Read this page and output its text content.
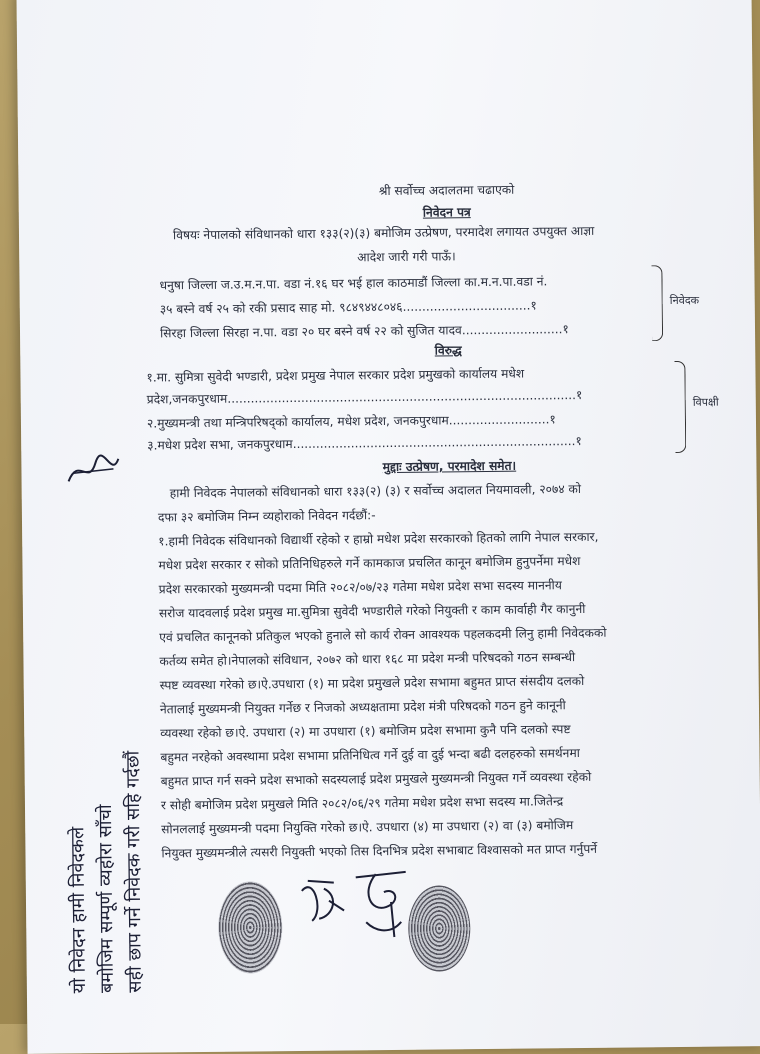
श्री सर्वोच्च अदालतमा चढाएको
निवेदन पत्र
विषयः नेपालको संविधानको धारा १३३(२)(३) बमोजिम उत्प्रेषण, परमादेश लगायत उपयुक्त आज्ञा
आदेश जारी गरी पाऊँ।
धनुषा जिल्ला ज.उ.म.न.पा. वडा नं.१६ घर भई हाल काठमाडौं जिल्ला का.म.न.पा.वडा नं.
३५ बस्ने वर्ष २५ को रकी प्रसाद साह मो. ९८४९४४८०४६.................................१
सिरहा जिल्ला सिरहा न.पा. वडा २० घर बस्ने वर्ष २२ को सुजित यादव..........................१
निवेदक
विरुद्ध
१.मा. सुमित्रा सुवेदी भण्डारी, प्रदेश प्रमुख नेपाल सरकार प्रदेश प्रमुखको कार्यालय मधेश
प्रदेश,जनकपुरधाम..........................................................................................१
२.मुख्यमन्त्री तथा मन्त्रिपरिषद्‌को कार्यालय, मधेश प्रदेश, जनकपुरधाम..........................१
३.मधेश प्रदेश सभा, जनकपुरधाम.........................................................................१
विपक्षी
मुद्दाः उत्प्रेषण, परमादेश समेत।
हामी निवेदक नेपालको संविधानको धारा १३३(२) (३) र सर्वोच्च अदालत नियमावली, २०७४ को
दफा ३२ बमोजिम निम्न व्यहोराको निवेदन गर्दछौं:-
१.हामी निवेदक संविधानको विद्यार्थी रहेको र हाम्रो मधेश प्रदेश सरकारको हितको लागि नेपाल सरकार,
मधेश प्रदेश सरकार र सोको प्रतिनिधिहरुले गर्ने कामकाज प्रचलित कानून बमोजिम हुनुपर्नेमा मधेश
प्रदेश सरकारको मुख्यमन्त्री पदमा मिति २०८२/०७/२३ गतेमा मधेश प्रदेश सभा सदस्य माननीय
सरोज यादवलाई प्रदेश प्रमुख मा.सुमित्रा सुवेदी भण्डारीले गरेको नियुक्ती र काम कार्वाही गैर कानुनी
एवं प्रचलित कानूनको प्रतिकुल भएको हुनाले सो कार्य रोक्न आवश्यक पहलकदमी लिनु हामी निवेदकको
कर्तव्य समेत हो।नेपालको संविधान, २०७२ को धारा १६८ मा प्रदेश मन्त्री परिषदको गठन सम्बन्धी
स्पष्ट व्यवस्था गरेको छ।ऐ.उपधारा (१) मा प्रदेश प्रमुखले प्रदेश सभामा बहुमत प्राप्त संसदीय दलको
नेतालाई मुख्यमन्त्री नियुक्त गर्नेछ र निजको अध्यक्षतामा प्रदेश मंत्री परिषदको गठन हुने कानूनी
व्यवस्था रहेको छ।ऐ. उपधारा (२) मा उपधारा (१) बमोजिम प्रदेश सभामा कुनै पनि दलको स्पष्ट
बहुमत नरहेको अवस्थामा प्रदेश सभामा प्रतिनिधित्व गर्ने दुई वा दुई भन्दा बढी दलहरुको समर्थनमा
बहुमत प्राप्त गर्न सक्ने प्रदेश सभाको सदस्यलाई प्रदेश प्रमुखले मुख्यमन्त्री नियुक्त गर्ने व्यवस्था रहेको
र सोही बमोजिम प्रदेश प्रमुखले मिति २०८२/०६/२९ गतेमा मधेश प्रदेश सभा सदस्य मा.जितेन्द्र
सोनललाई मुख्यमन्त्री पदमा नियुक्ति गरेको छ।ऐ. उपधारा (४) मा उपधारा (२) वा (३) बमोजिम
नियुक्त मुख्यमन्त्रीले त्यसरी नियुक्ती भएको तिस दिनभित्र प्रदेश सभाबाट विश्वासको मत प्राप्त गर्नुपर्ने
यो निवेदन हामी निवेदकले बमोजिम सम्पूर्ण व्यहोरा साँचो सही छाप गर्ने निवेदक गरी सहि गर्दछौं
